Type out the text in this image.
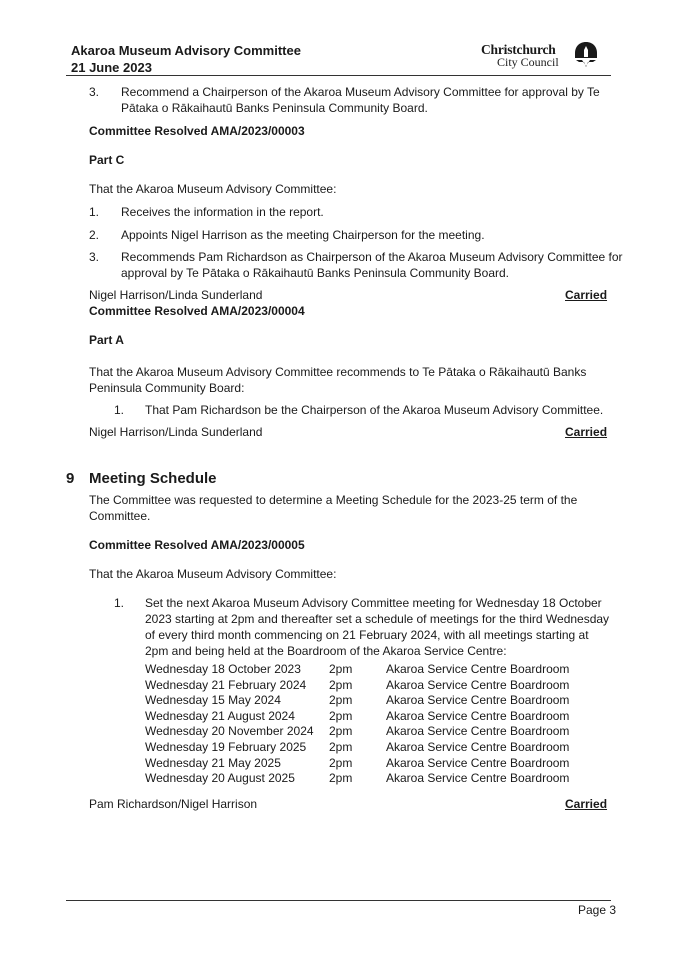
Akaroa Museum Advisory Committee
21 June 2023
Christchurch
City Council
3. Recommend a Chairperson of the Akaroa Museum Advisory Committee for approval by Te
Pātaka o Rākaihautū Banks Peninsula Community Board.
Committee Resolved AMA/2023/00003
Part C
That the Akaroa Museum Advisory Committee:
1. Receives the information in the report.
2. Appoints Nigel Harrison as the meeting Chairperson for the meeting.
3. Recommends Pam Richardson as Chairperson of the Akaroa Museum Advisory Committee for
approval by Te Pātaka o Rākaihautū Banks Peninsula Community Board.
Nigel Harrison/Linda Sunderland	Carried
Committee Resolved AMA/2023/00004
Part A
That the Akaroa Museum Advisory Committee recommends to Te Pātaka o Rākaihautū Banks
Peninsula Community Board:
1. That Pam Richardson be the Chairperson of the Akaroa Museum Advisory Committee.
Nigel Harrison/Linda Sunderland	Carried
9 Meeting Schedule
The Committee was requested to determine a Meeting Schedule for the 2023-25 term of the
Committee.
Committee Resolved AMA/2023/00005
That the Akaroa Museum Advisory Committee:
1. Set the next Akaroa Museum Advisory Committee meeting for Wednesday 18 October
2023 starting at 2pm and thereafter set a schedule of meetings for the third Wednesday
of every third month commencing on 21 February 2024, with all meetings starting at
2pm and being held at the Boardroom of the Akaroa Service Centre:
Wednesday 18 October 2023	2pm	Akaroa Service Centre Boardroom
Wednesday 21 February 2024	2pm	Akaroa Service Centre Boardroom
Wednesday 15 May 2024	2pm	Akaroa Service Centre Boardroom
Wednesday 21 August 2024	2pm	Akaroa Service Centre Boardroom
Wednesday 20 November 2024	2pm	Akaroa Service Centre Boardroom
Wednesday 19 February 2025	2pm	Akaroa Service Centre Boardroom
Wednesday 21 May 2025	2pm	Akaroa Service Centre Boardroom
Wednesday 20 August 2025	2pm	Akaroa Service Centre Boardroom
Pam Richardson/Nigel Harrison	Carried
Page 3
